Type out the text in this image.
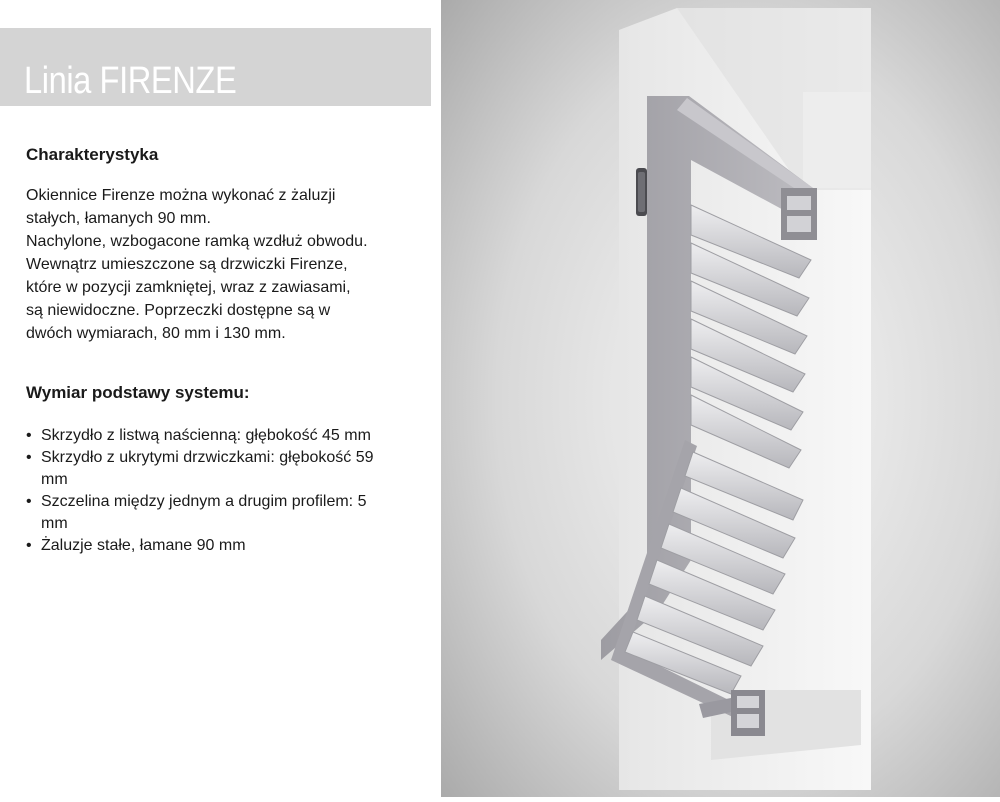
Linia FIRENZE
Charakterystyka
Okiennice Firenze można wykonać z żaluzji
stałych, łamanych 90 mm.
Nachylone, wzbogacone ramką wzdłuż obwodu.
Wewnątrz umieszczone są drzwiczki Firenze,
które w pozycji zamkniętej, wraz z zawiasami,
są niewidoczne. Poprzeczki dostępne są w
dwóch wymiarach, 80 mm i 130 mm.
Wymiar podstawy systemu:
• Skrzydło z listwą naścienną: głębokość 45 mm
• Skrzydło z ukrytymi drzwiczkami: głębokość 59 mm
• Szczelina między jednym a drugim profilem: 5 mm
• Żaluzje stałe, łamane 90 mm
